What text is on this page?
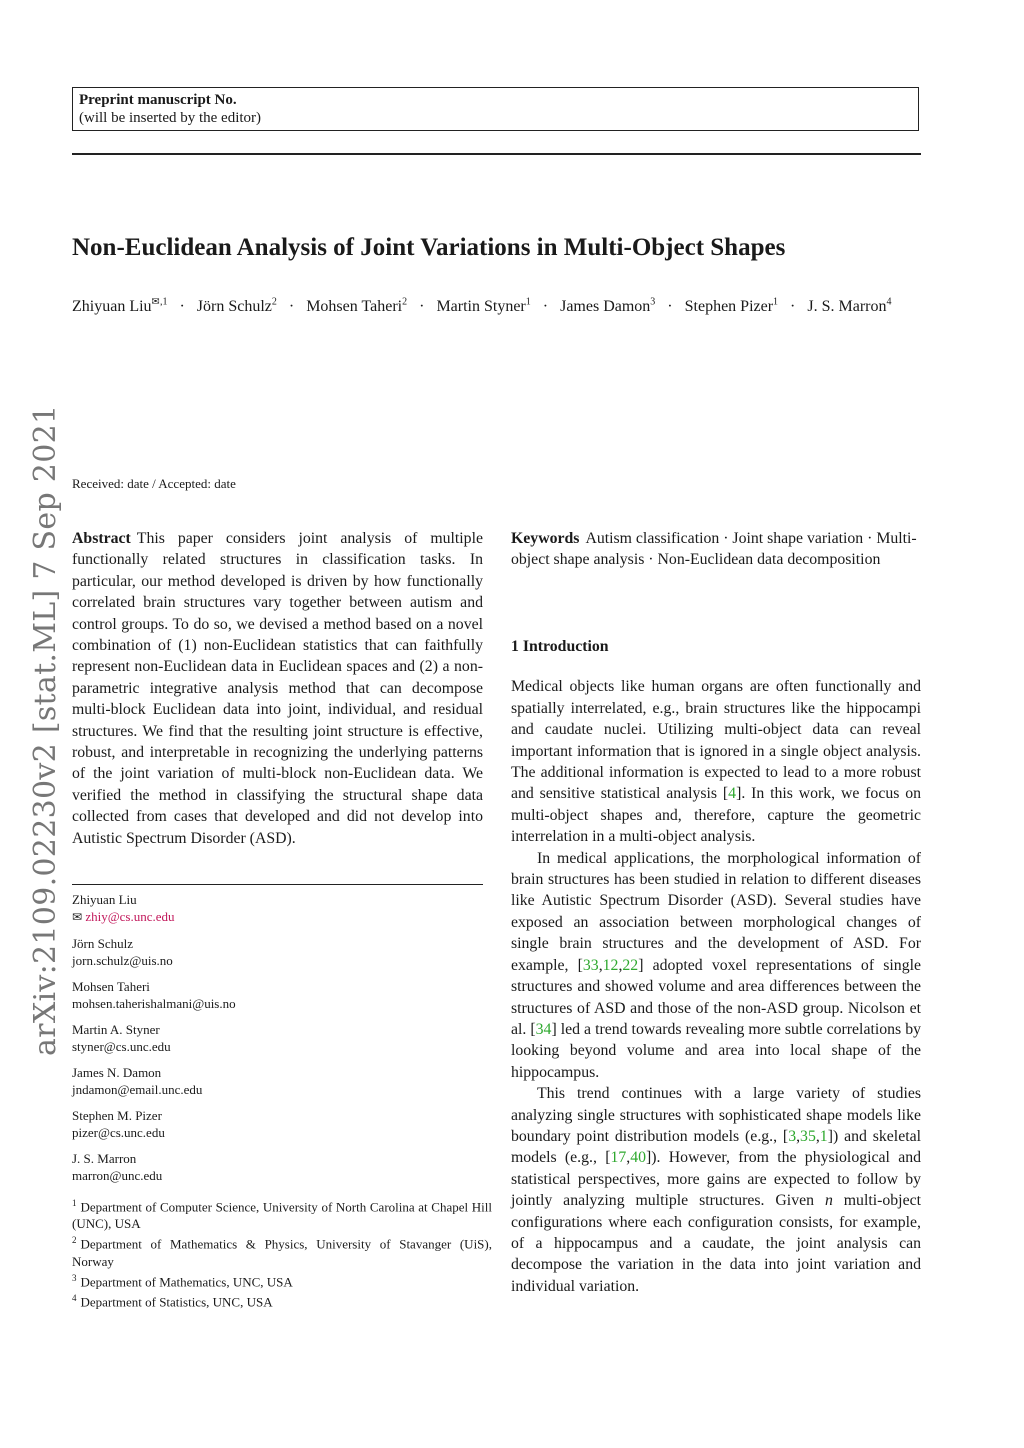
Preprint manuscript No.
(will be inserted by the editor)
Non-Euclidean Analysis of Joint Variations in Multi-Object Shapes
Zhiyuan Liu$^{✉,1}$ · Jörn Schulz$^2$ · Mohsen Taheri$^2$ · Martin Styner$^1$ · James Damon$^3$ · Stephen Pizer$^1$ · J. S. Marron$^4$
arXiv:2109.02230v2 [stat.ML] 7 Sep 2021 Received: date / Accepted: date
Abstract This paper considers joint analysis of multiple functionally related structures in classification tasks. In particular, our method developed is driven by how functionally correlated brain structures vary together between autism and control groups. To do so, we devised a method based on a novel combination of (1) non-Euclidean statistics that can faithfully represent non-Euclidean data in Euclidean spaces and (2) a non-parametric integrative analysis method that can decompose multi-block Euclidean data into joint, individual, and residual structures. We find that the resulting joint structure is effective, robust, and interpretable in recognizing the underlying patterns of the joint variation of multi-block non-Euclidean data. We verified the method in classifying the structural shape data collected from cases that developed and did not develop into Autistic Spectrum Disorder (ASD).
Keywords Autism classification · Joint shape variation · Multi-object shape analysis · Non-Euclidean data decomposition
1 Introduction

Medical objects like human organs are often functionally and spatially interrelated, e.g., brain structures like the hippocampi and caudate nuclei. Utilizing multi-object data can reveal important information that is ignored in a single object analysis. The additional information is expected to lead to a more robust and sensitive statistical analysis [4]. In this work, we focus on multi-object shapes and, therefore, capture the geometric interrelation in a multi-object analysis.

In medical applications, the morphological information of brain structures has been studied in relation to different diseases like Autistic Spectrum Disorder (ASD). Several studies have exposed an association between morphological changes of single brain structures and the development of ASD. For example, [33,12,22] adopted voxel representations of single structures and showed volume and area differences between the structures of ASD and those of the non-ASD group. Nicolson et al. [34] led a trend towards revealing more subtle correlations by looking beyond volume and area into local shape of the hippocampus.

This trend continues with a large variety of studies analyzing single structures with sophisticated shape models like boundary point distribution models (e.g., [3,35,1]) and skeletal models (e.g., [17,40]). However, from the physiological and statistical perspectives, more gains are expected to follow by jointly analyzing multiple structures. Given n multi-object configurations where each configuration consists, for example, of a hippocampus and a caudate, the joint analysis can decompose the variation in the data into joint variation and individual variation.

Zhiyuan Liu
✉ zhiy@cs.unc.edu
Jörn Schulz
jorn.schulz@uis.no
Mohsen Taheri
mohsen.taherishalmani@uis.no
Martin A. Styner
styner@cs.unc.edu
James N. Damon
jndamon@email.unc.edu
Stephen M. Pizer
pizer@cs.unc.edu
J. S. Marron
marron@unc.edu
$^1$ Department of Computer Science, University of North Carolina at Chapel Hill (UNC), USA
$^2$ Department of Mathematics & Physics, University of Stavanger (UiS), Norway
$^3$ Department of Mathematics, UNC, USA
$^4$ Department of Statistics, UNC, USA
